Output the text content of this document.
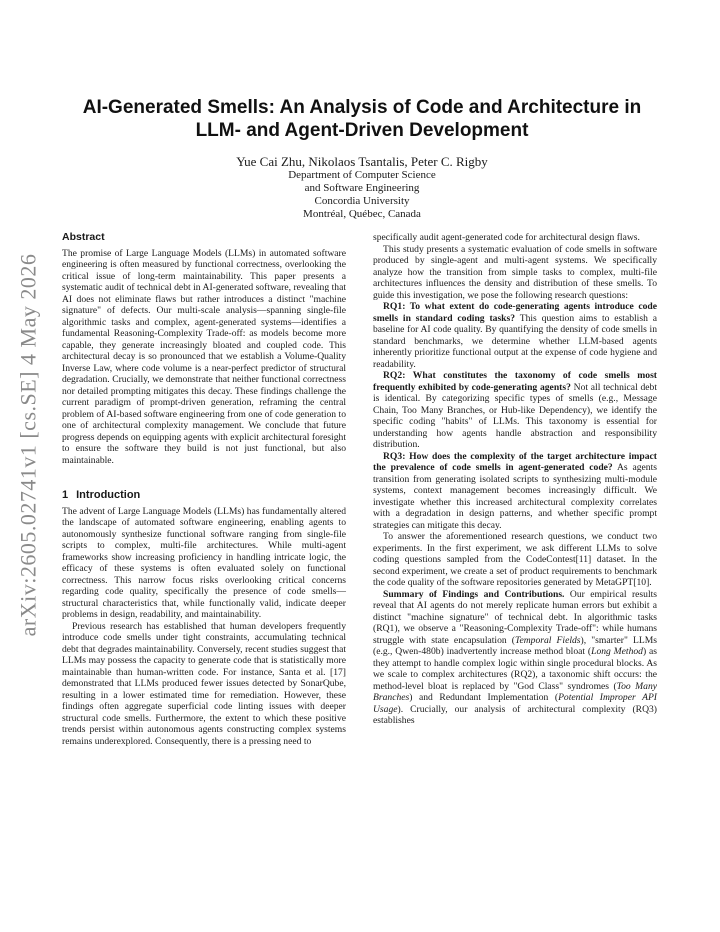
arXiv:2605.02741v1 [cs.SE] 4 May 2026
AI-Generated Smells: An Analysis of Code and Architecture in LLM- and Agent-Driven Development
Yue Cai Zhu, Nikolaos Tsantalis, Peter C. Rigby
Department of Computer Science
and Software Engineering
Concordia University
Montréal, Québec, Canada
Abstract

The promise of Large Language Models (LLMs) in automated software engineering is often measured by functional correctness, overlooking the critical issue of long-term maintainability. This paper presents a systematic audit of technical debt in AI-generated software, revealing that AI does not eliminate flaws but rather introduces a distinct "machine signature" of defects. Our multi-scale analysis—spanning single-file algorithmic tasks and complex, agent-generated systems—identifies a fundamental Reasoning-Complexity Trade-off: as models become more capable, they generate increasingly bloated and coupled code. This architectural decay is so pronounced that we establish a Volume-Quality Inverse Law, where code volume is a near-perfect predictor of structural degradation. Crucially, we demonstrate that neither functional correctness nor detailed prompting mitigates this decay. These findings challenge the current paradigm of prompt-driven generation, reframing the central problem of AI-based software engineering from one of code generation to one of architectural complexity management. We conclude that future progress depends on equipping agents with explicit architectural foresight to ensure the software they build is not just functional, but also maintainable.

1 Introduction

The advent of Large Language Models (LLMs) has fundamentally altered the landscape of automated software engineering, enabling agents to autonomously synthesize functional software ranging from single-file scripts to complex, multi-file architectures. While multi-agent frameworks show increasing proficiency in handling intricate logic, the efficacy of these systems is often evaluated solely on functional correctness. This narrow focus risks overlooking critical concerns regarding code quality, specifically the presence of code smells—structural characteristics that, while functionally valid, indicate deeper problems in design, readability, and maintainability.

Previous research has established that human developers frequently introduce code smells under tight constraints, accumulating technical debt that degrades maintainability. Conversely, recent studies suggest that LLMs may possess the capacity to generate code that is statistically more maintainable than human-written code. For instance, Santa et al. [17] demonstrated that LLMs produced fewer issues detected by SonarQube, resulting in a lower estimated time for remediation. However, these findings often aggregate superficial code linting issues with deeper structural code smells. Furthermore, the extent to which these positive trends persist within autonomous agents constructing complex systems remains underexplored. Consequently, there is a pressing need to

specifically audit agent-generated code for architectural design flaws.

This study presents a systematic evaluation of code smells in software produced by single-agent and multi-agent systems. We specifically analyze how the transition from simple tasks to complex, multi-file architectures influences the density and distribution of these smells. To guide this investigation, we pose the following research questions:

RQ1: To what extent do code-generating agents introduce code smells in standard coding tasks? This question aims to establish a baseline for AI code quality. By quantifying the density of code smells in standard benchmarks, we determine whether LLM-based agents inherently prioritize functional output at the expense of code hygiene and readability.

RQ2: What constitutes the taxonomy of code smells most frequently exhibited by code-generating agents? Not all technical debt is identical. By categorizing specific types of smells (e.g., Message Chain, Too Many Branches, or Hub-like Dependency), we identify the specific coding "habits" of LLMs. This taxonomy is essential for understanding how agents handle abstraction and responsibility distribution.

RQ3: How does the complexity of the target architecture impact the prevalence of code smells in agent-generated code? As agents transition from generating isolated scripts to synthesizing multi-module systems, context management becomes increasingly difficult. We investigate whether this increased architectural complexity correlates with a degradation in design patterns, and whether specific prompt strategies can mitigate this decay.

To answer the aforementioned research questions, we conduct two experiments. In the first experiment, we ask different LLMs to solve coding questions sampled from the CodeContest[11] dataset. In the second experiment, we create a set of product requirements to benchmark the code quality of the software repositories generated by MetaGPT[10].

Summary of Findings and Contributions. Our empirical results reveal that AI agents do not merely replicate human errors but exhibit a distinct "machine signature" of technical debt. In algorithmic tasks (RQ1), we observe a "Reasoning-Complexity Trade-off": while humans struggle with state encapsulation (Temporal Fields), "smarter" LLMs (e.g., Qwen-480b) inadvertently increase method bloat (Long Method) as they attempt to handle complex logic within single procedural blocks. As we scale to complex architectures (RQ2), a taxonomic shift occurs: the method-level bloat is replaced by "God Class" syndromes (Too Many Branches) and Redundant Implementation (Potential Improper API Usage). Crucially, our analysis of architectural complexity (RQ3) establishes
